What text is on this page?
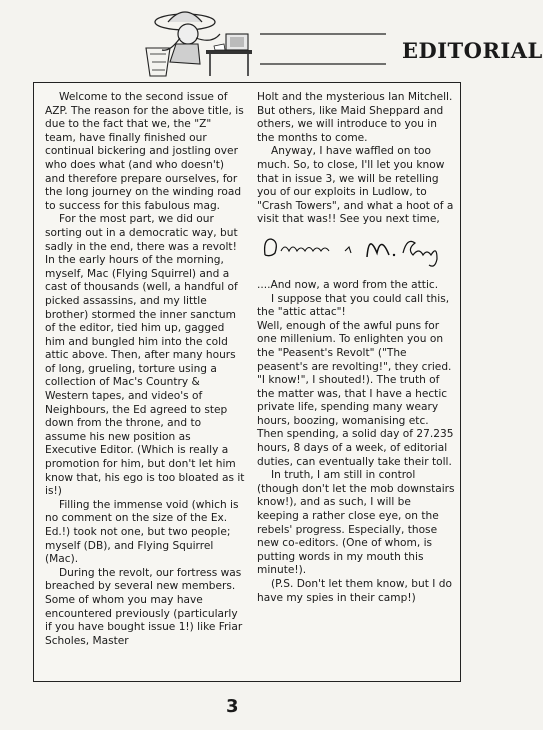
EDITORIAL

Welcome to the second issue of AZP. The reason for the above title, is due to the fact that we, the "Z" team, have finally finished our continual bickering and jostling over who does what (and who doesn't) and therefore prepare ourselves, for the long journey on the winding road to success for this fabulous mag.

For the most part, we did our sorting out in a democratic way, but sadly in the end, there was a revolt! In the early hours of the morning, myself, Mac (Flying Squirrel) and a cast of thousands (well, a handful of picked assassins, and my little brother) stormed the inner sanctum of the editor, tied him up, gagged him and bungled him into the cold attic above. Then, after many hours of long, grueling, torture using a collection of Mac's Country & Western tapes, and video's of Neighbours, the Ed agreed to step down from the throne, and to assume his new position as Executive Editor. (Which is really a promotion for him, but don't let him know that, his ego is too bloated as it is!)

Filling the immense void (which is no comment on the size of the Ex. Ed.!) took not one, but two people; myself (DB), and Flying Squirrel (Mac).

During the revolt, our fortress was breached by several new members. Some of whom you may have encountered previously (particularly if you have bought issue 1!) like Friar Scholes, Master

Holt and the mysterious Ian Mitchell. But others, like Maid Sheppard and others, we will introduce to you in the months to come.

Anyway, I have waffled on too much. So, to close, I'll let you know that in issue 3, we will be retelling you of our exploits in Ludlow, to "Crash Towers", and what a hoot of a visit that was!! See you next time,

....And now, a word from the attic.

I suppose that you could call this, the "attic attac"!

Well, enough of the awful puns for one millenium. To enlighten you on the "Peasent's Revolt" ("The peasent's are revolting!", they cried. "I know!", I shouted!). The truth of the matter was, that I have a hectic private life, spending many weary hours, boozing, womanising etc. Then spending, a solid day of 27.235 hours, 8 days of a week, of editorial duties, can eventually take their toll.

In truth, I am still in control (though don't let the mob downstairs know!), and as such, I will be keeping a rather close eye, on the rebels' progress. Especially, those new co-editors. (One of whom, is putting words in my mouth this minute!).

(P.S. Don't let them know, but I do have my spies in their camp!)

3
